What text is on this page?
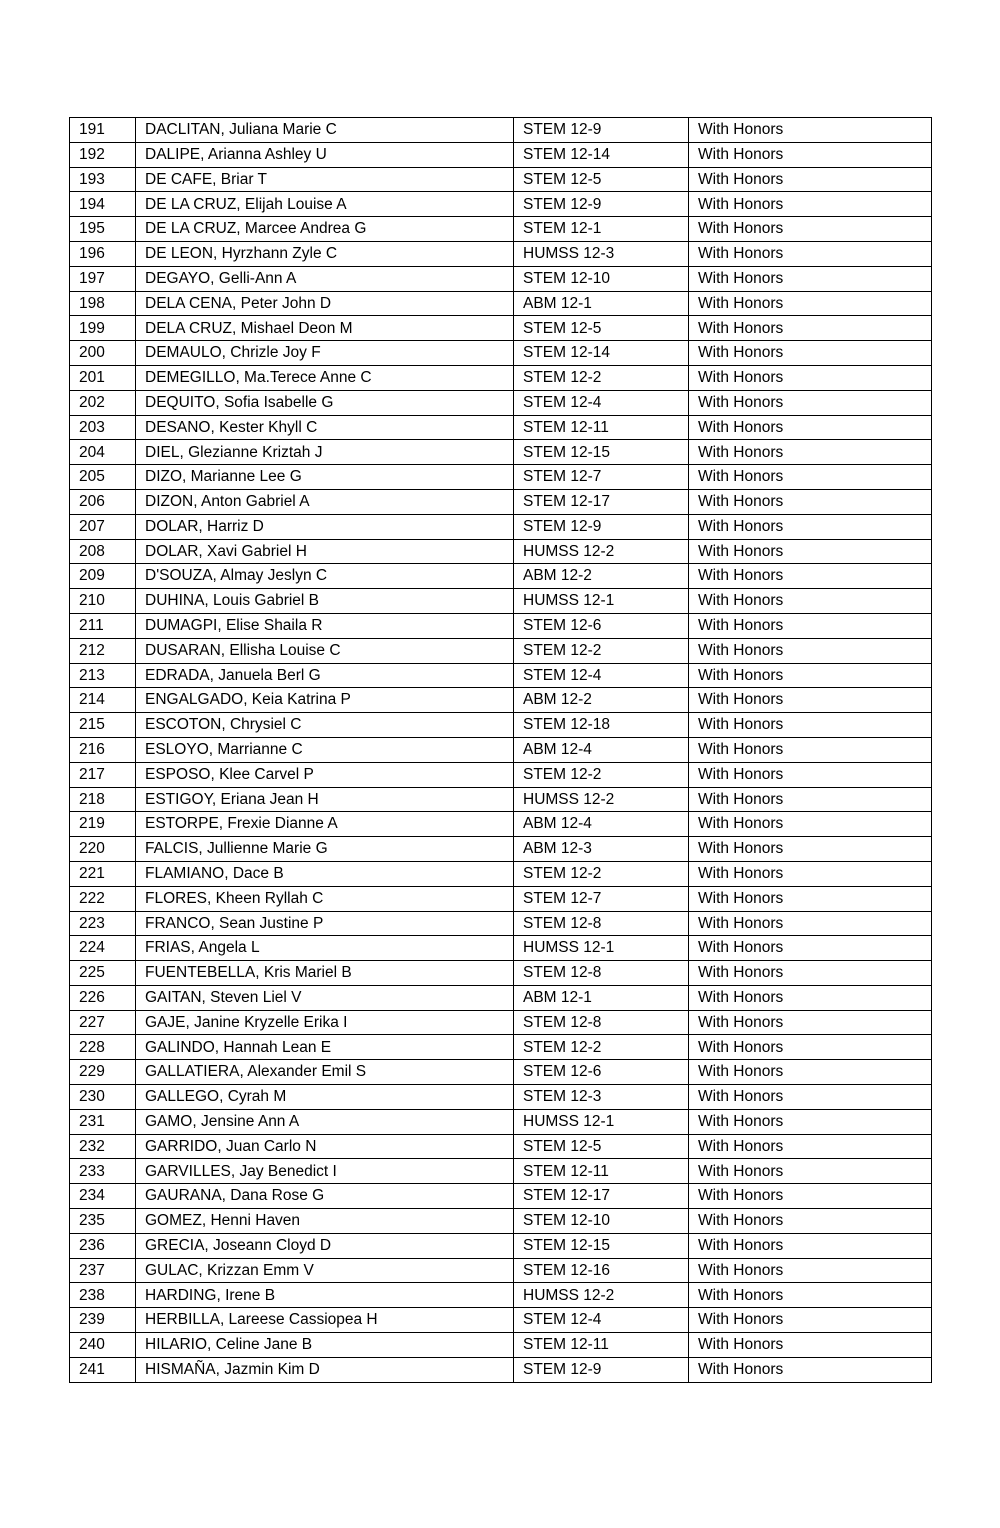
191	DACLITAN, Juliana Marie C	STEM 12-9	With Honors
192	DALIPE, Arianna Ashley U	STEM 12-14	With Honors
193	DE CAFE, Briar T	STEM 12-5	With Honors
194	DE LA CRUZ, Elijah Louise A	STEM 12-9	With Honors
195	DE LA CRUZ, Marcee Andrea G	STEM 12-1	With Honors
196	DE LEON, Hyrzhann Zyle C	HUMSS 12-3	With Honors
197	DEGAYO, Gelli-Ann A	STEM 12-10	With Honors
198	DELA CENA, Peter John D	ABM 12-1	With Honors
199	DELA CRUZ, Mishael Deon M	STEM 12-5	With Honors
200	DEMAULO, Chrizle Joy F	STEM 12-14	With Honors
201	DEMEGILLO, Ma.Terece Anne C	STEM 12-2	With Honors
202	DEQUITO, Sofia Isabelle G	STEM 12-4	With Honors
203	DESANO, Kester Khyll C	STEM 12-11	With Honors
204	DIEL, Glezianne Kriztah J	STEM 12-15	With Honors
205	DIZO, Marianne Lee G	STEM 12-7	With Honors
206	DIZON, Anton Gabriel A	STEM 12-17	With Honors
207	DOLAR, Harriz D	STEM 12-9	With Honors
208	DOLAR, Xavi Gabriel H	HUMSS 12-2	With Honors
209	D'SOUZA, Almay Jeslyn C	ABM 12-2	With Honors
210	DUHINA, Louis Gabriel B	HUMSS 12-1	With Honors
211	DUMAGPI, Elise Shaila R	STEM 12-6	With Honors
212	DUSARAN, Ellisha Louise C	STEM 12-2	With Honors
213	EDRADA, Januela Berl G	STEM 12-4	With Honors
214	ENGALGADO, Keia Katrina P	ABM 12-2	With Honors
215	ESCOTON, Chrysiel C	STEM 12-18	With Honors
216	ESLOYO, Marrianne C	ABM 12-4	With Honors
217	ESPOSO, Klee Carvel P	STEM 12-2	With Honors
218	ESTIGOY, Eriana Jean H	HUMSS 12-2	With Honors
219	ESTORPE, Frexie Dianne A	ABM 12-4	With Honors
220	FALCIS, Jullienne Marie G	ABM 12-3	With Honors
221	FLAMIANO, Dace B	STEM 12-2	With Honors
222	FLORES, Kheen Ryllah C	STEM 12-7	With Honors
223	FRANCO, Sean Justine P	STEM 12-8	With Honors
224	FRIAS, Angela L	HUMSS 12-1	With Honors
225	FUENTEBELLA, Kris Mariel B	STEM 12-8	With Honors
226	GAITAN, Steven Liel V	ABM 12-1	With Honors
227	GAJE, Janine Kryzelle Erika I	STEM 12-8	With Honors
228	GALINDO, Hannah Lean E	STEM 12-2	With Honors
229	GALLATIERA, Alexander Emil S	STEM 12-6	With Honors
230	GALLEGO, Cyrah M	STEM 12-3	With Honors
231	GAMO, Jensine Ann A	HUMSS 12-1	With Honors
232	GARRIDO, Juan Carlo N	STEM 12-5	With Honors
233	GARVILLES, Jay Benedict I	STEM 12-11	With Honors
234	GAURANA, Dana Rose G	STEM 12-17	With Honors
235	GOMEZ, Henni Haven	STEM 12-10	With Honors
236	GRECIA, Joseann Cloyd D	STEM 12-15	With Honors
237	GULAC, Krizzan Emm V	STEM 12-16	With Honors
238	HARDING, Irene B	HUMSS 12-2	With Honors
239	HERBILLA, Lareese Cassiopea H	STEM 12-4	With Honors
240	HILARIO, Celine Jane B	STEM 12-11	With Honors
241	HISMAÑA, Jazmin Kim D	STEM 12-9	With Honors
